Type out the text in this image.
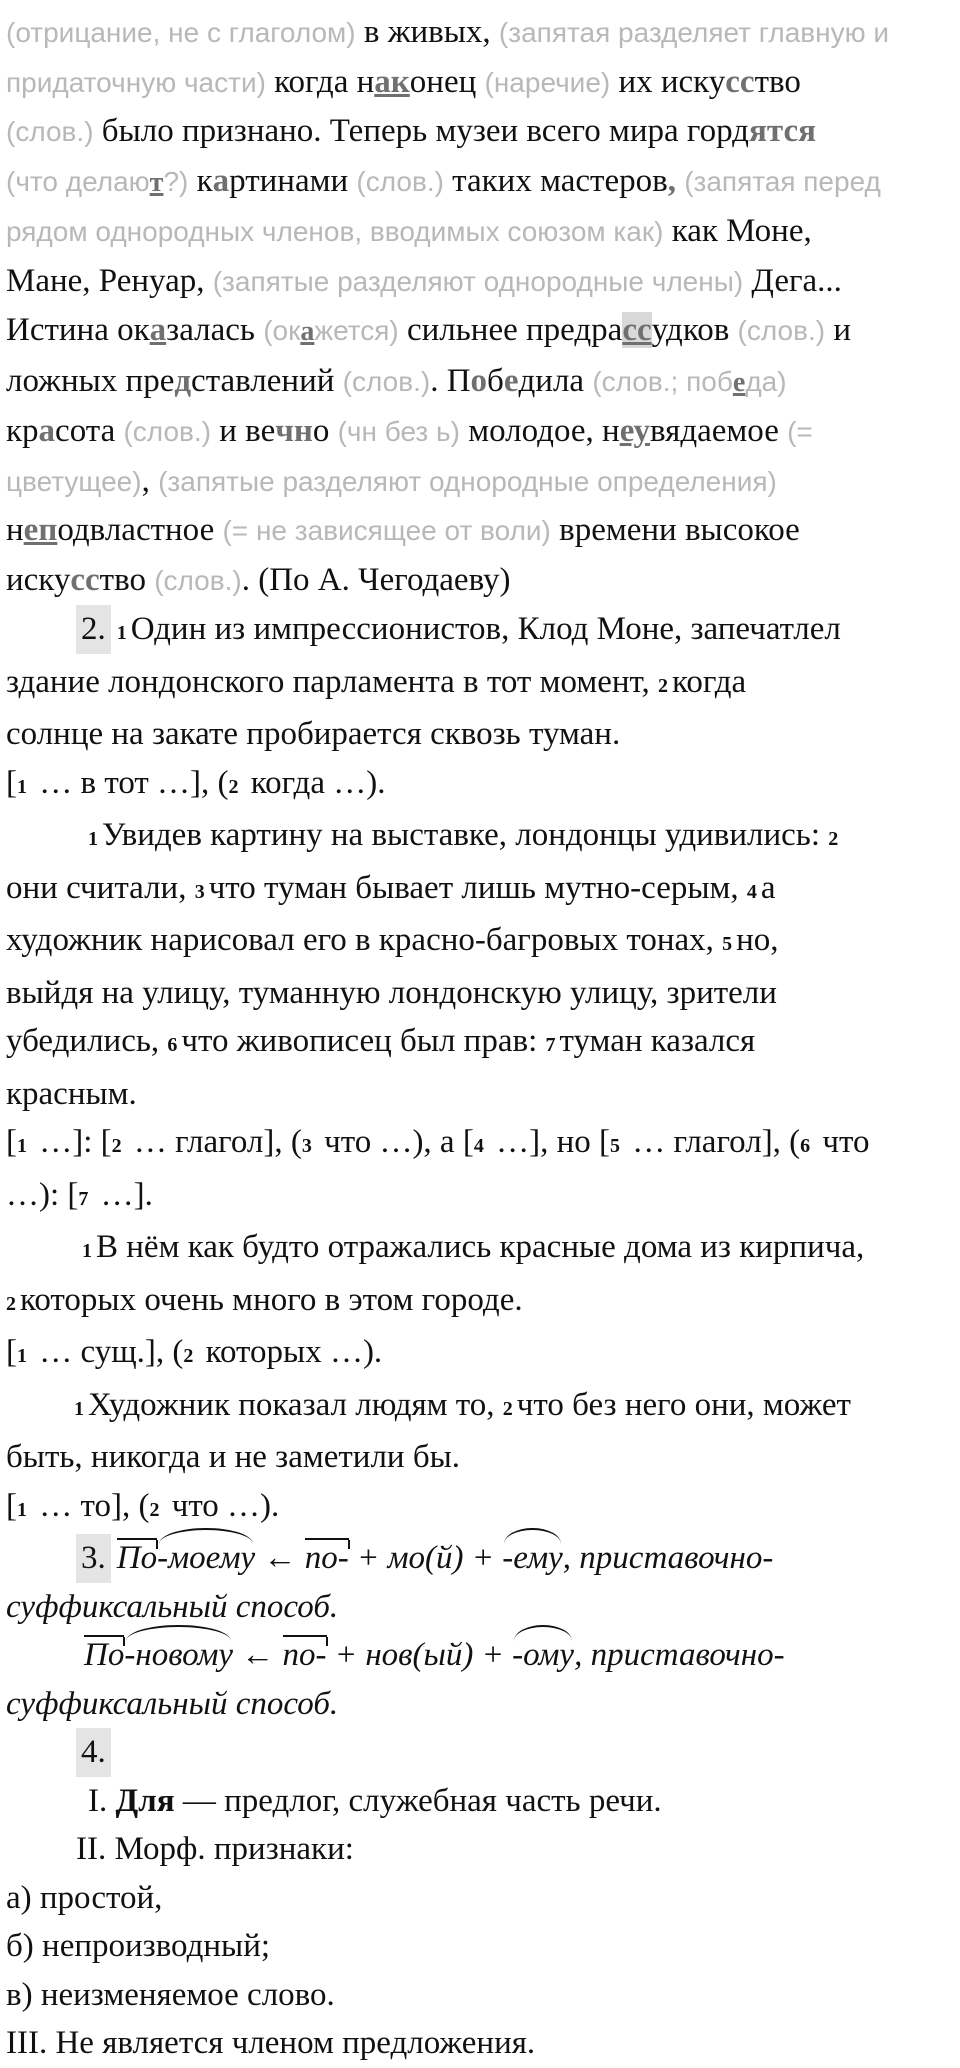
(отрицание, не с глаголом) в живых, (запятая разделяет главную и
придаточную части) когда наконец (наречие) их искусство
(слов.) было признано. Теперь музеи всего мира гордятся
(что делают?) картинами (слов.) таких мастеров, (запятая перед
рядом однородных членов, вводимых союзом как) как Моне,
Мане, Ренуар, (запятые разделяют однородные члены) Дега...
Истина оказалась (окажется) сильнее предрассудков (слов.) и
ложных представлений (слов.). Победила (слов.; победа)
красота (слов.) и вечно (чн без ь) молодое, неувядаемое (=
цветущее), (запятые разделяют однородные определения)
неподвластное (= не зависящее от воли) времени высокое
искусство (слов.). (По А. Чегодаеву)
2. 1 Один из импрессионистов, Клод Моне, запечатлел
здание лондонского парламента в тот момент, 2 когда
солнце на закате пробирается сквозь туман.
[1 … в тот …], (2 когда …).
1 Увидев картину на выставке, лондонцы удивились: 2
они считали, 3 что туман бывает лишь мутно-серым, 4 а
художник нарисовал его в красно-багровых тонах, 5 но,
выйдя на улицу, туманную лондонскую улицу, зрители
убедились, 6 что живописец был прав: 7 туман казался
красным.
[1 …]: [2 … глагол], (3 что …), а [4 …], но [5 … глагол], (6 что
…): [7 …].
1 В нём как будто отражались красные дома из кирпича,
2 которых очень много в этом городе.
[1 … сущ.], (2 которых …).
1 Художник показал людям то, 2 что без него они, может
быть, никогда и не заметили бы.
[1 … то], (2 что …).
3. По-моему ← по- + мо(й) + -ему, приставочно-
суффиксальный способ.
По-новому ← по- + нов(ый) + -ому, приставочно-
суффиксальный способ.
4.
I. Для — предлог, служебная часть речи.
II. Морф. признаки:
а) простой,
б) непроизводный;
в) неизменяемое слово.
III. Не является членом предложения.
